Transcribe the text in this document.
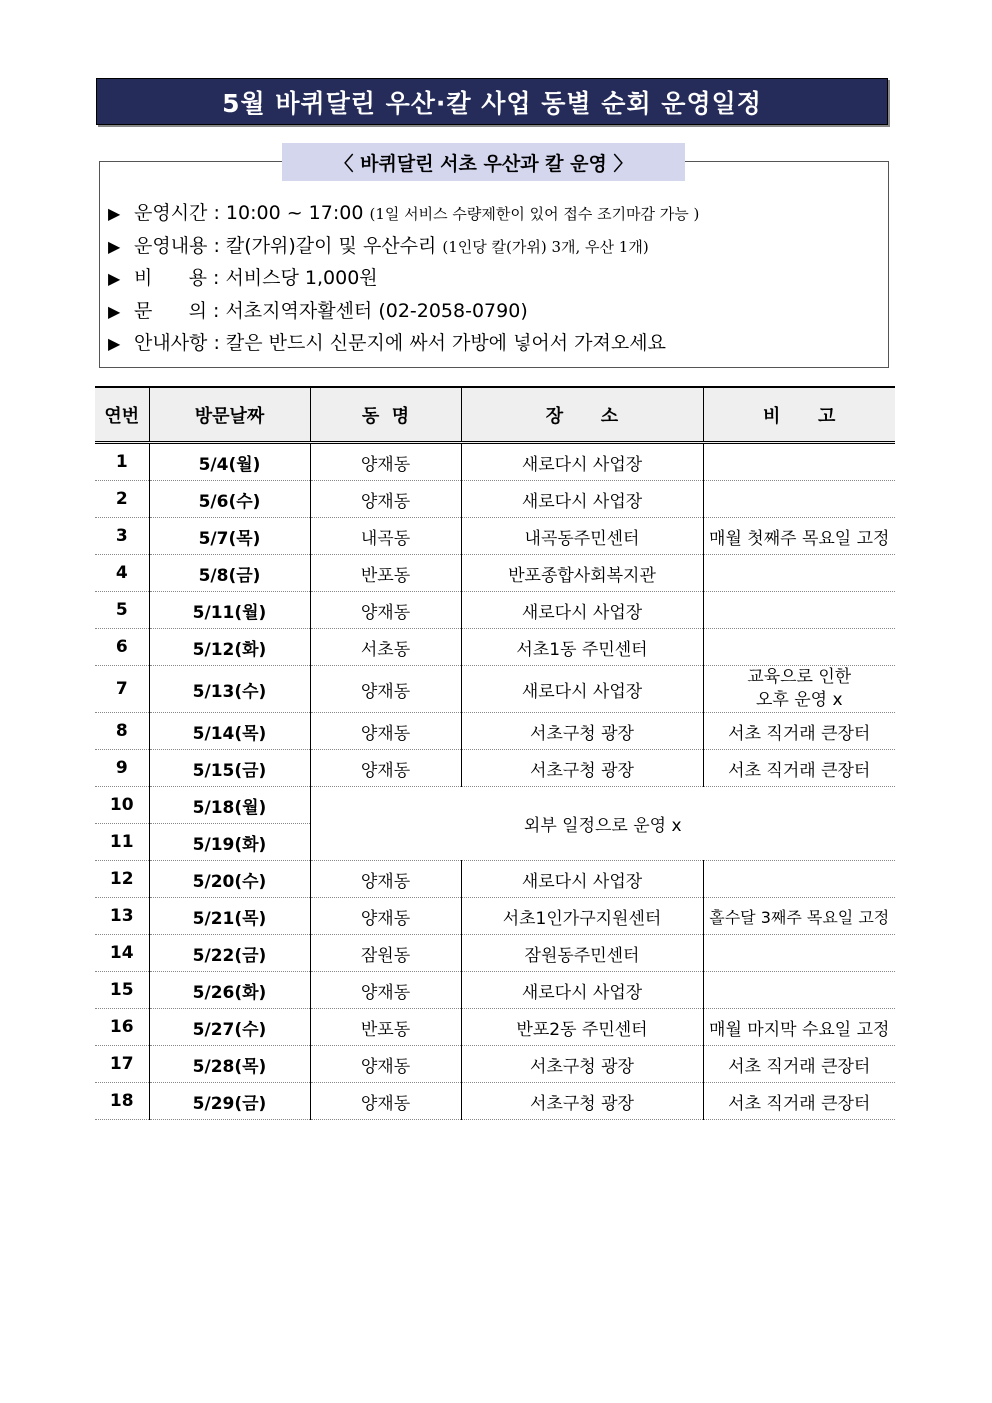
5월 바퀴달린 우산·칼 사업 동별 순회 운영일정
〈 바퀴달린 서초 우산과 칼 운영 〉
▶ 운영시간 : 10:00 ~ 17:00 (1일 서비스 수량제한이 있어 접수 조기마감 가능 )
▶ 운영내용 : 칼(가위)갈이 및 우산수리 (1인당 칼(가위) 3개, 우산 1개)
▶ 비      용 : 서비스당 1,000원
▶ 문      의 : 서초지역자활센터 (02-2058-0790)
▶ 안내사항 : 칼은 반드시 신문지에 싸서 가방에 넣어서 가져오세요
연번	방문날짜	동  명	장      소	비      고
1	5/4(월)	양재동	새로다시 사업장	
2	5/6(수)	양재동	새로다시 사업장	
3	5/7(목)	내곡동	내곡동주민센터	매월 첫째주 목요일 고정
4	5/8(금)	반포동	반포종합사회복지관	
5	5/11(월)	양재동	새로다시 사업장	
6	5/12(화)	서초동	서초1동 주민센터	
7	5/13(수)	양재동	새로다시 사업장	교육으로 인한
오후 운영 x

8	5/14(목)	양재동	서초구청 광장	서초 직거래 큰장터
9	5/15(금)	양재동	서초구청 광장	서초 직거래 큰장터
10	5/18(월)	외부 일정으로 운영 x		
11	5/19(화)			
12	5/20(수)	양재동	새로다시 사업장	
13	5/21(목)	양재동	서초1인가구지원센터	홀수달 3째주 목요일 고정
14	5/22(금)	잠원동	잠원동주민센터	
15	5/26(화)	양재동	새로다시 사업장	
16	5/27(수)	반포동	반포2동 주민센터	매월 마지막 수요일 고정
17	5/28(목)	양재동	서초구청 광장	서초 직거래 큰장터
18	5/29(금)	양재동	서초구청 광장	서초 직거래 큰장터
